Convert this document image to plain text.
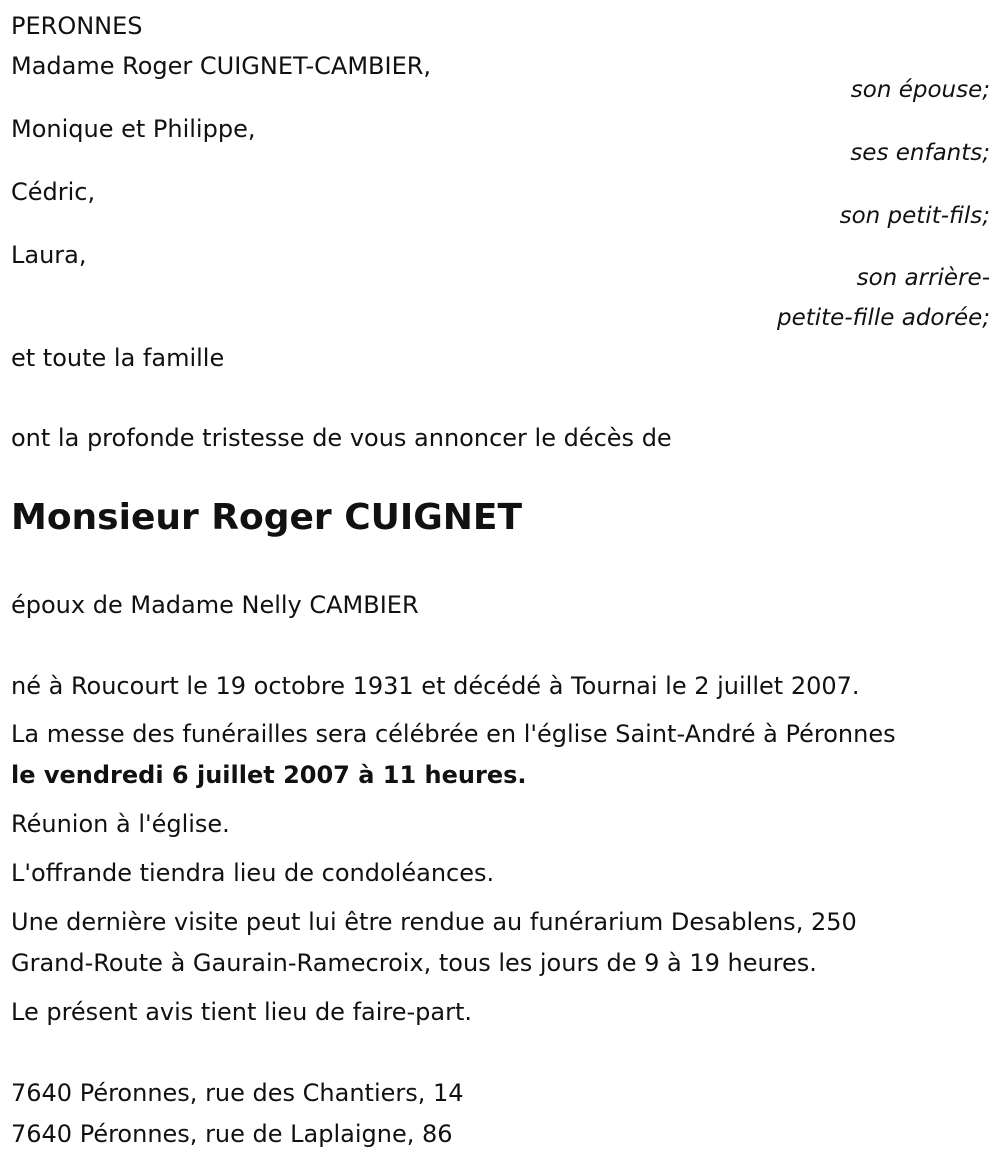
PERONNES
Madame Roger CUIGNET-CAMBIER,
son épouse;
Monique et Philippe,
ses enfants;
Cédric,
son petit-fils;
Laura,
son arrière-
petite-fille adorée;
et toute la famille
ont la profonde tristesse de vous annoncer le décès de
Monsieur Roger CUIGNET
époux de Madame Nelly CAMBIER
né à Roucourt le 19 octobre 1931 et décédé à Tournai le 2 juillet 2007.
La messe des funérailles sera célébrée en l'église Saint-André à Péronnes
le vendredi 6 juillet 2007 à 11 heures.
Réunion à l'église.
L'offrande tiendra lieu de condoléances.
Une dernière visite peut lui être rendue au funérarium Desablens, 250
Grand-Route à Gaurain-Ramecroix, tous les jours de 9 à 19 heures.
Le présent avis tient lieu de faire-part.
7640 Péronnes, rue des Chantiers, 14
7640 Péronnes, rue de Laplaigne, 86
